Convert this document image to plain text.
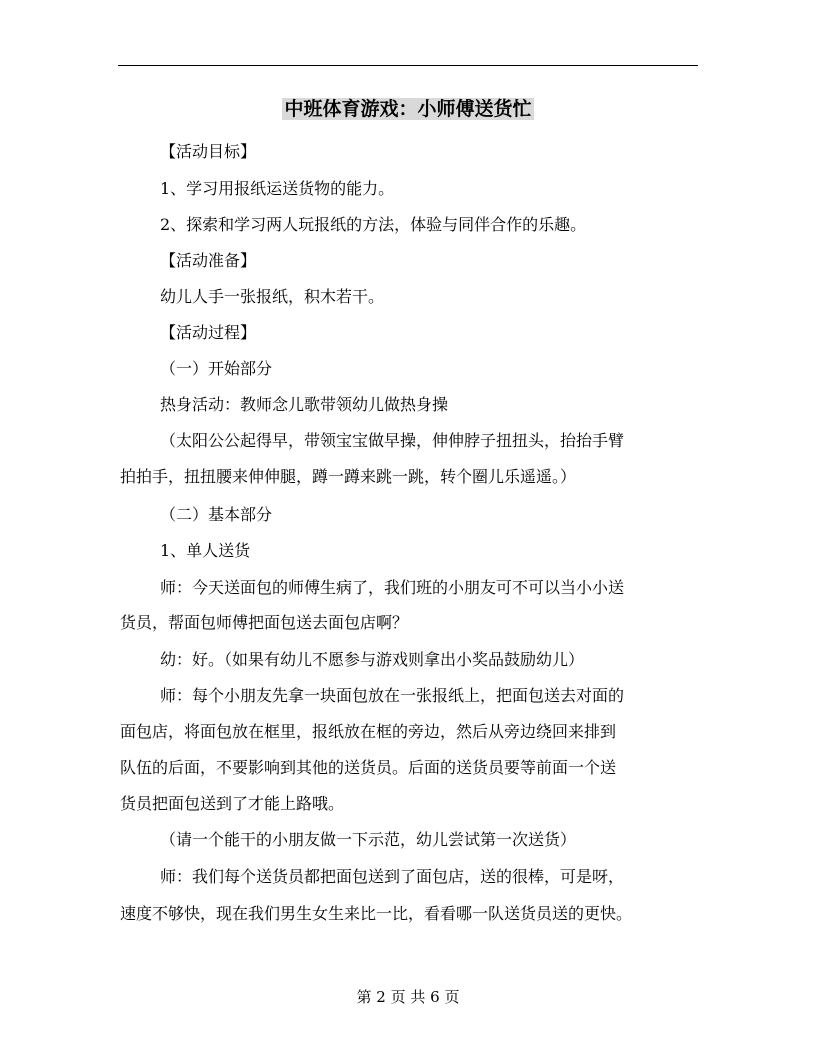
中班体育游戏：小师傅送货忙
【活动目标】
1、学习用报纸运送货物的能力。
2、探索和学习两人玩报纸的方法，体验与同伴合作的乐趣。
【活动准备】
幼儿人手一张报纸，积木若干。
【活动过程】
（一）开始部分
热身活动：教师念儿歌带领幼儿做热身操
（太阳公公起得早，带领宝宝做早操，伸伸脖子扭扭头，抬抬手臂
拍拍手，扭扭腰来伸伸腿，蹲一蹲来跳一跳，转个圈儿乐遥遥。）
（二）基本部分
1、单人送货
师：今天送面包的师傅生病了，我们班的小朋友可不可以当小小送
货员，帮面包师傅把面包送去面包店啊？
幼：好。（如果有幼儿不愿参与游戏则拿出小奖品鼓励幼儿）
师：每个小朋友先拿一块面包放在一张报纸上，把面包送去对面的
面包店，将面包放在框里，报纸放在框的旁边，然后从旁边绕回来排到
队伍的后面，不要影响到其他的送货员。后面的送货员要等前面一个送
货员把面包送到了才能上路哦。
（请一个能干的小朋友做一下示范，幼儿尝试第一次送货）
师：我们每个送货员都把面包送到了面包店，送的很棒，可是呀，
速度不够快，现在我们男生女生来比一比，看看哪一队送货员送的更快。
第 2 页 共 6 页
